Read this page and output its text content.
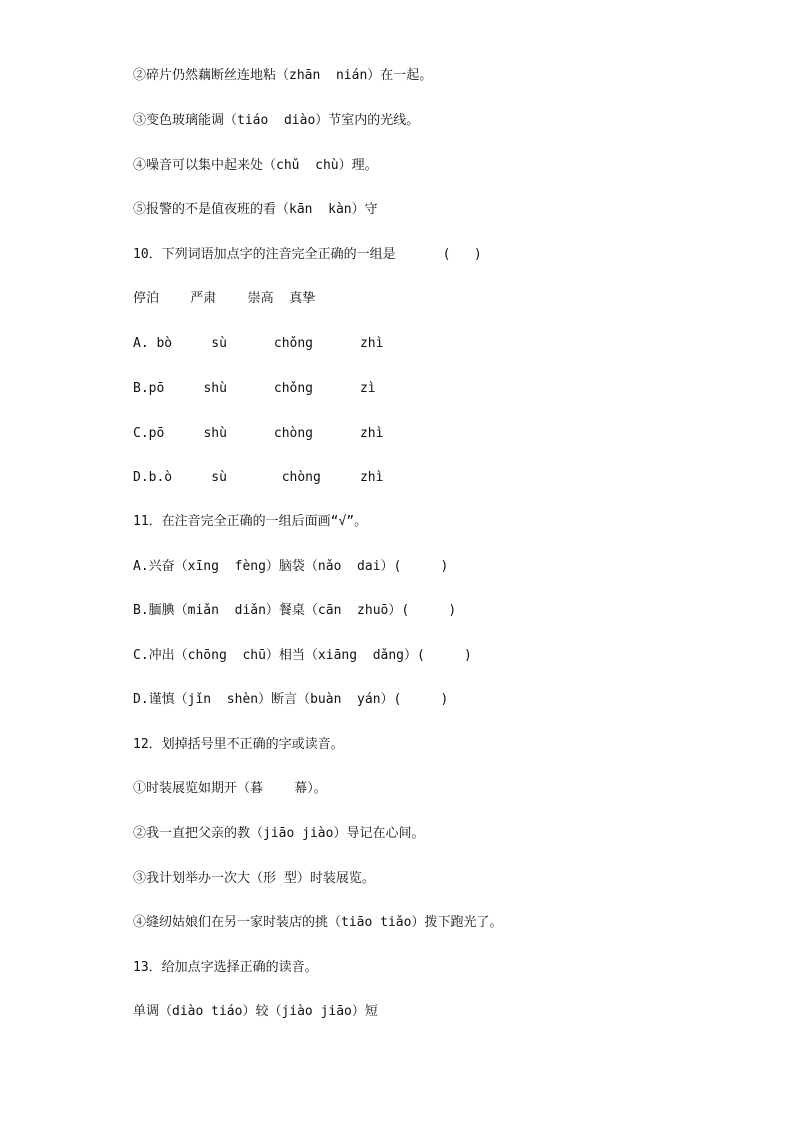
②碎片仍然藕断丝连地粘（zhān  nián）在一起。
③变色玻璃能调（tiáo  diào）节室内的光线。
④噪音可以集中起来处（chǔ  chù）理。
⑤报警的不是值夜班的看（kān  kàn）守
10．下列词语加点字的注音完全正确的一组是      (   )
停泊    严肃    崇高  真挚
A. bò     sù      chǒng      zhì
B.pō     shù      chǒng      zì
C.pō     shù      chòng      zhì
D.b.ò     sù       chòng     zhì
11．在注音完全正确的一组后面画“√”。
A.兴奋（xīng  fèng）脑袋（nǎo  dai）(     )
B.腼腆（miǎn  diǎn）餐桌（cān  zhuō）(     )
C.冲出（chōng  chū）相当（xiāng  dǎng）(     )
D.谨慎（jǐn  shèn）断言（buàn  yán）(     )
12．划掉括号里不正确的字或读音。
①时装展览如期开（暮    幕）。
②我一直把父亲的教（jiāo jiào）导记在心间。
③我计划举办一次大（形 型）时装展览。
④缝纫姑娘们在另一家时装店的挑（tiāo tiǎo）拨下跑光了。
13．给加点字选择正确的读音。
单调（diào tiáo）较（jiào jiāo）短
